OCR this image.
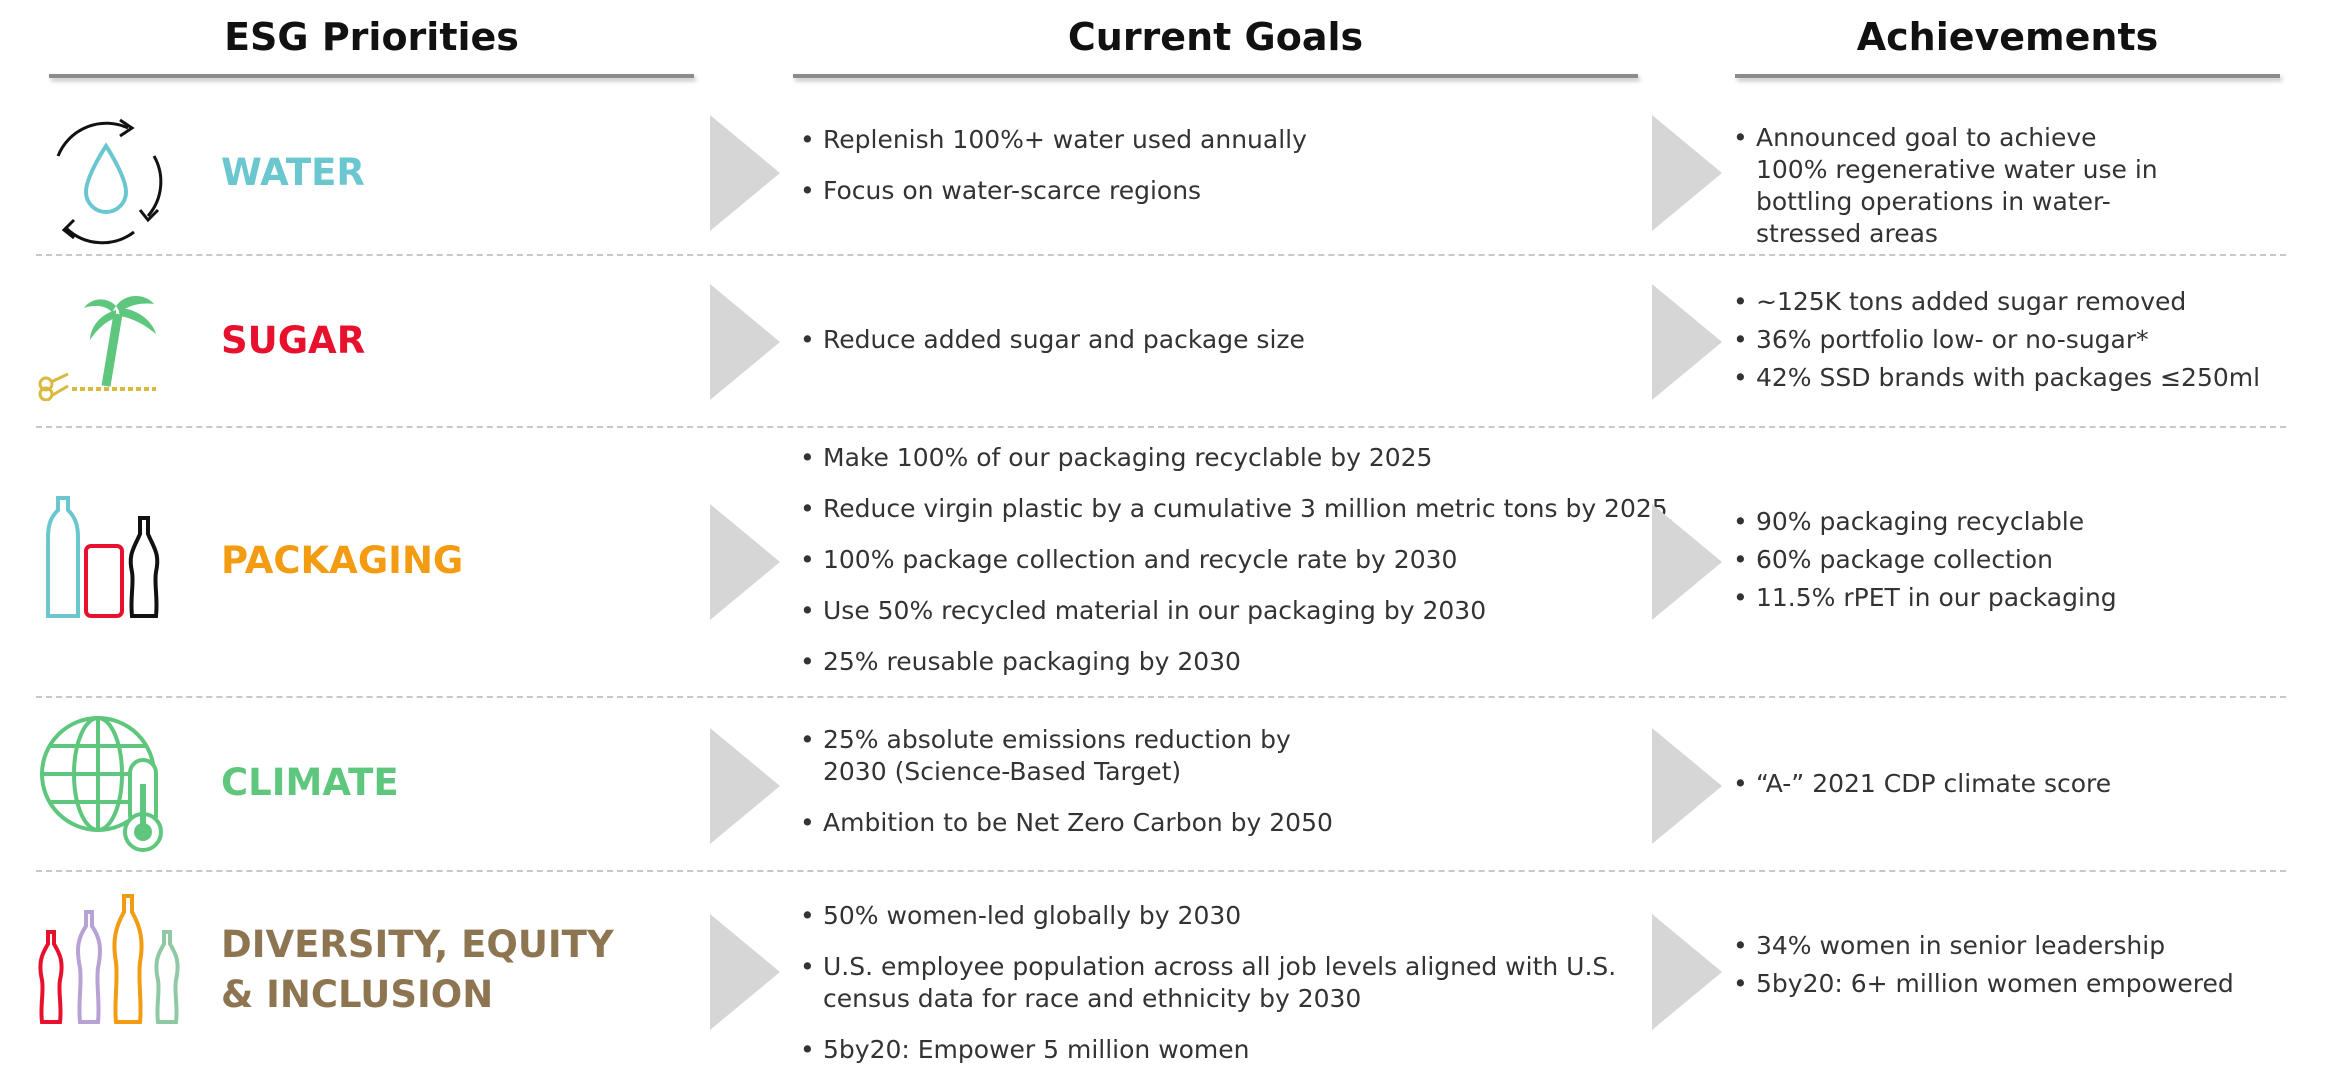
ESG Priorities	Current Goals	Achievements
WATER
• Replenish 100%+ water used annually
• Focus on water-scarce regions
• Announced goal to achieve 100% regenerative water use in bottling operations in water-stressed areas
SUGAR
•	Reduce added sugar and package size
• ~125K tons added sugar removed
• 36% portfolio low- or no-sugar*
• 42% SSD brands with packages ≤250ml
PACKAGING
• Make 100% of our packaging recyclable by 2025
• Reduce virgin plastic by a cumulative 3 million metric tons by 2025
• 100% package collection and recycle rate by 2030
• Use 50% recycled material in our packaging by 2030
• 25% reusable packaging by 2030
• 90% packaging recyclable
• 60% package collection
• 11.5% rPET in our packaging
CLIMATE
• 25% absolute emissions reduction by 2030 (Science-Based Target)
• Ambition to be Net Zero Carbon by 2050
• “A-” 2021 CDP climate score
DIVERSITY, EQUITY
& INCLUSION
• 50% women-led globally by 2030
• U.S. employee population across all job levels aligned with U.S. census data for race and ethnicity by 2030
• 5by20: Empower 5 million women
• 34% women in senior leadership
• 5by20: 6+ million women empowered
